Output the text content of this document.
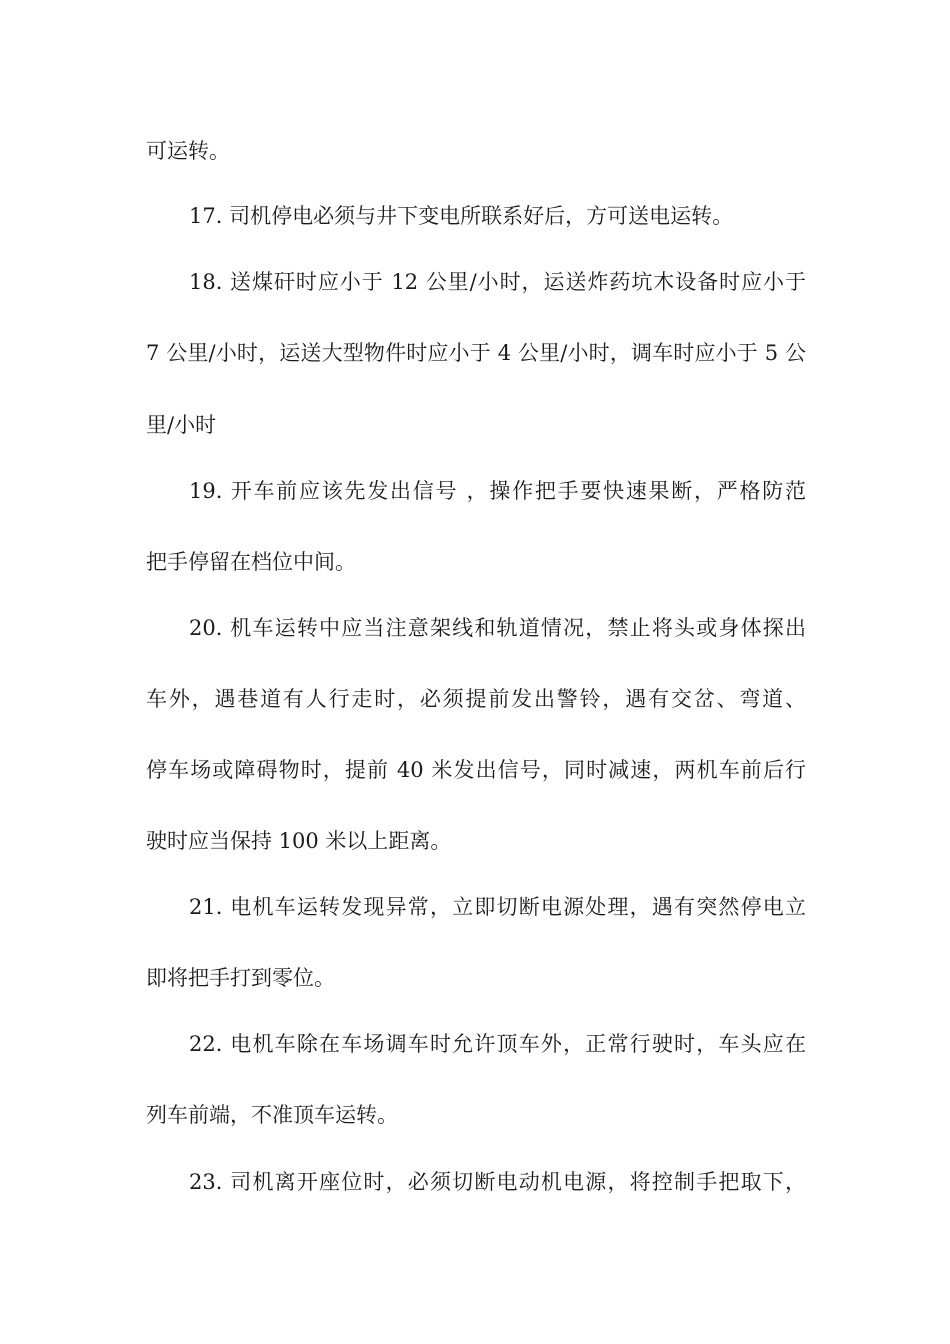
可运转。
17. 司机停电必须与井下变电所联系好后，方可送电运转。
18. 送煤矸时应小于 12 公里/小时，运送炸药坑木设备时应小于
7 公里/小时，运送大型物件时应小于 4 公里/小时，调车时应小于 5 公
里/小时
19. 开车前应该先发出信号 ，操作把手要快速果断，严格防范
把手停留在档位中间。
20. 机车运转中应当注意架线和轨道情况，禁止将头或身体探出
车外，遇巷道有人行走时，必须提前发出警铃，遇有交岔、弯道、
停车场或障碍物时，提前 40 米发出信号，同时减速，两机车前后行
驶时应当保持 100 米以上距离。
21. 电机车运转发现异常，立即切断电源处理，遇有突然停电立
即将把手打到零位。
22. 电机车除在车场调车时允许顶车外，正常行驶时，车头应在
列车前端，不准顶车运转。
23. 司机离开座位时，必须切断电动机电源，将控制手把取下，
